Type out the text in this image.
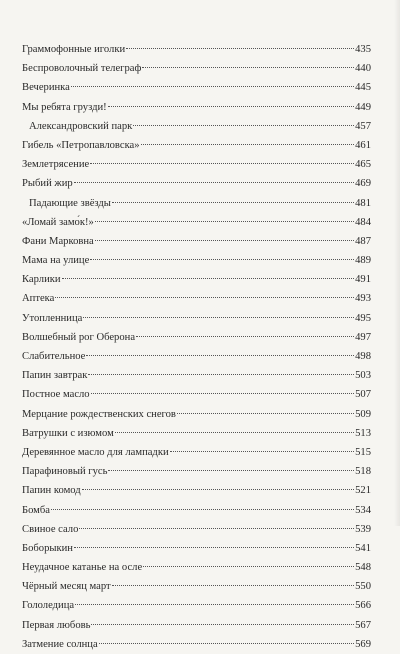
Граммофонные иголки	435
Беспроволочный телеграф	440
Вечеринка	445
Мы ребята грузди!	449
Александровский парк	457
Гибель «Петропавловска»	461
Землетрясение	465
Рыбий жир	469
Падающие звёзды	481
«Ломай замо́к!»	484
Фани Марковна	487
Мама на улице	489
Карлики	491
Аптека	493
Утопленница	495
Волшебный рог Оберона	497
Слабительное	498
Папин завтрак	503
Постное масло	507
Мерцание рождественских снегов	509
Ватрушки с изюмом	513
Деревянное масло для лампадки	515
Парафиновый гусь	518
Папин комод	521
Бомба	534
Свиное сало	539
Боборыкин	541
Неудачное катанье на осле	548
Чёрный месяц март	550
Гололедица	566
Первая любовь	567
Затмение солнца	569
